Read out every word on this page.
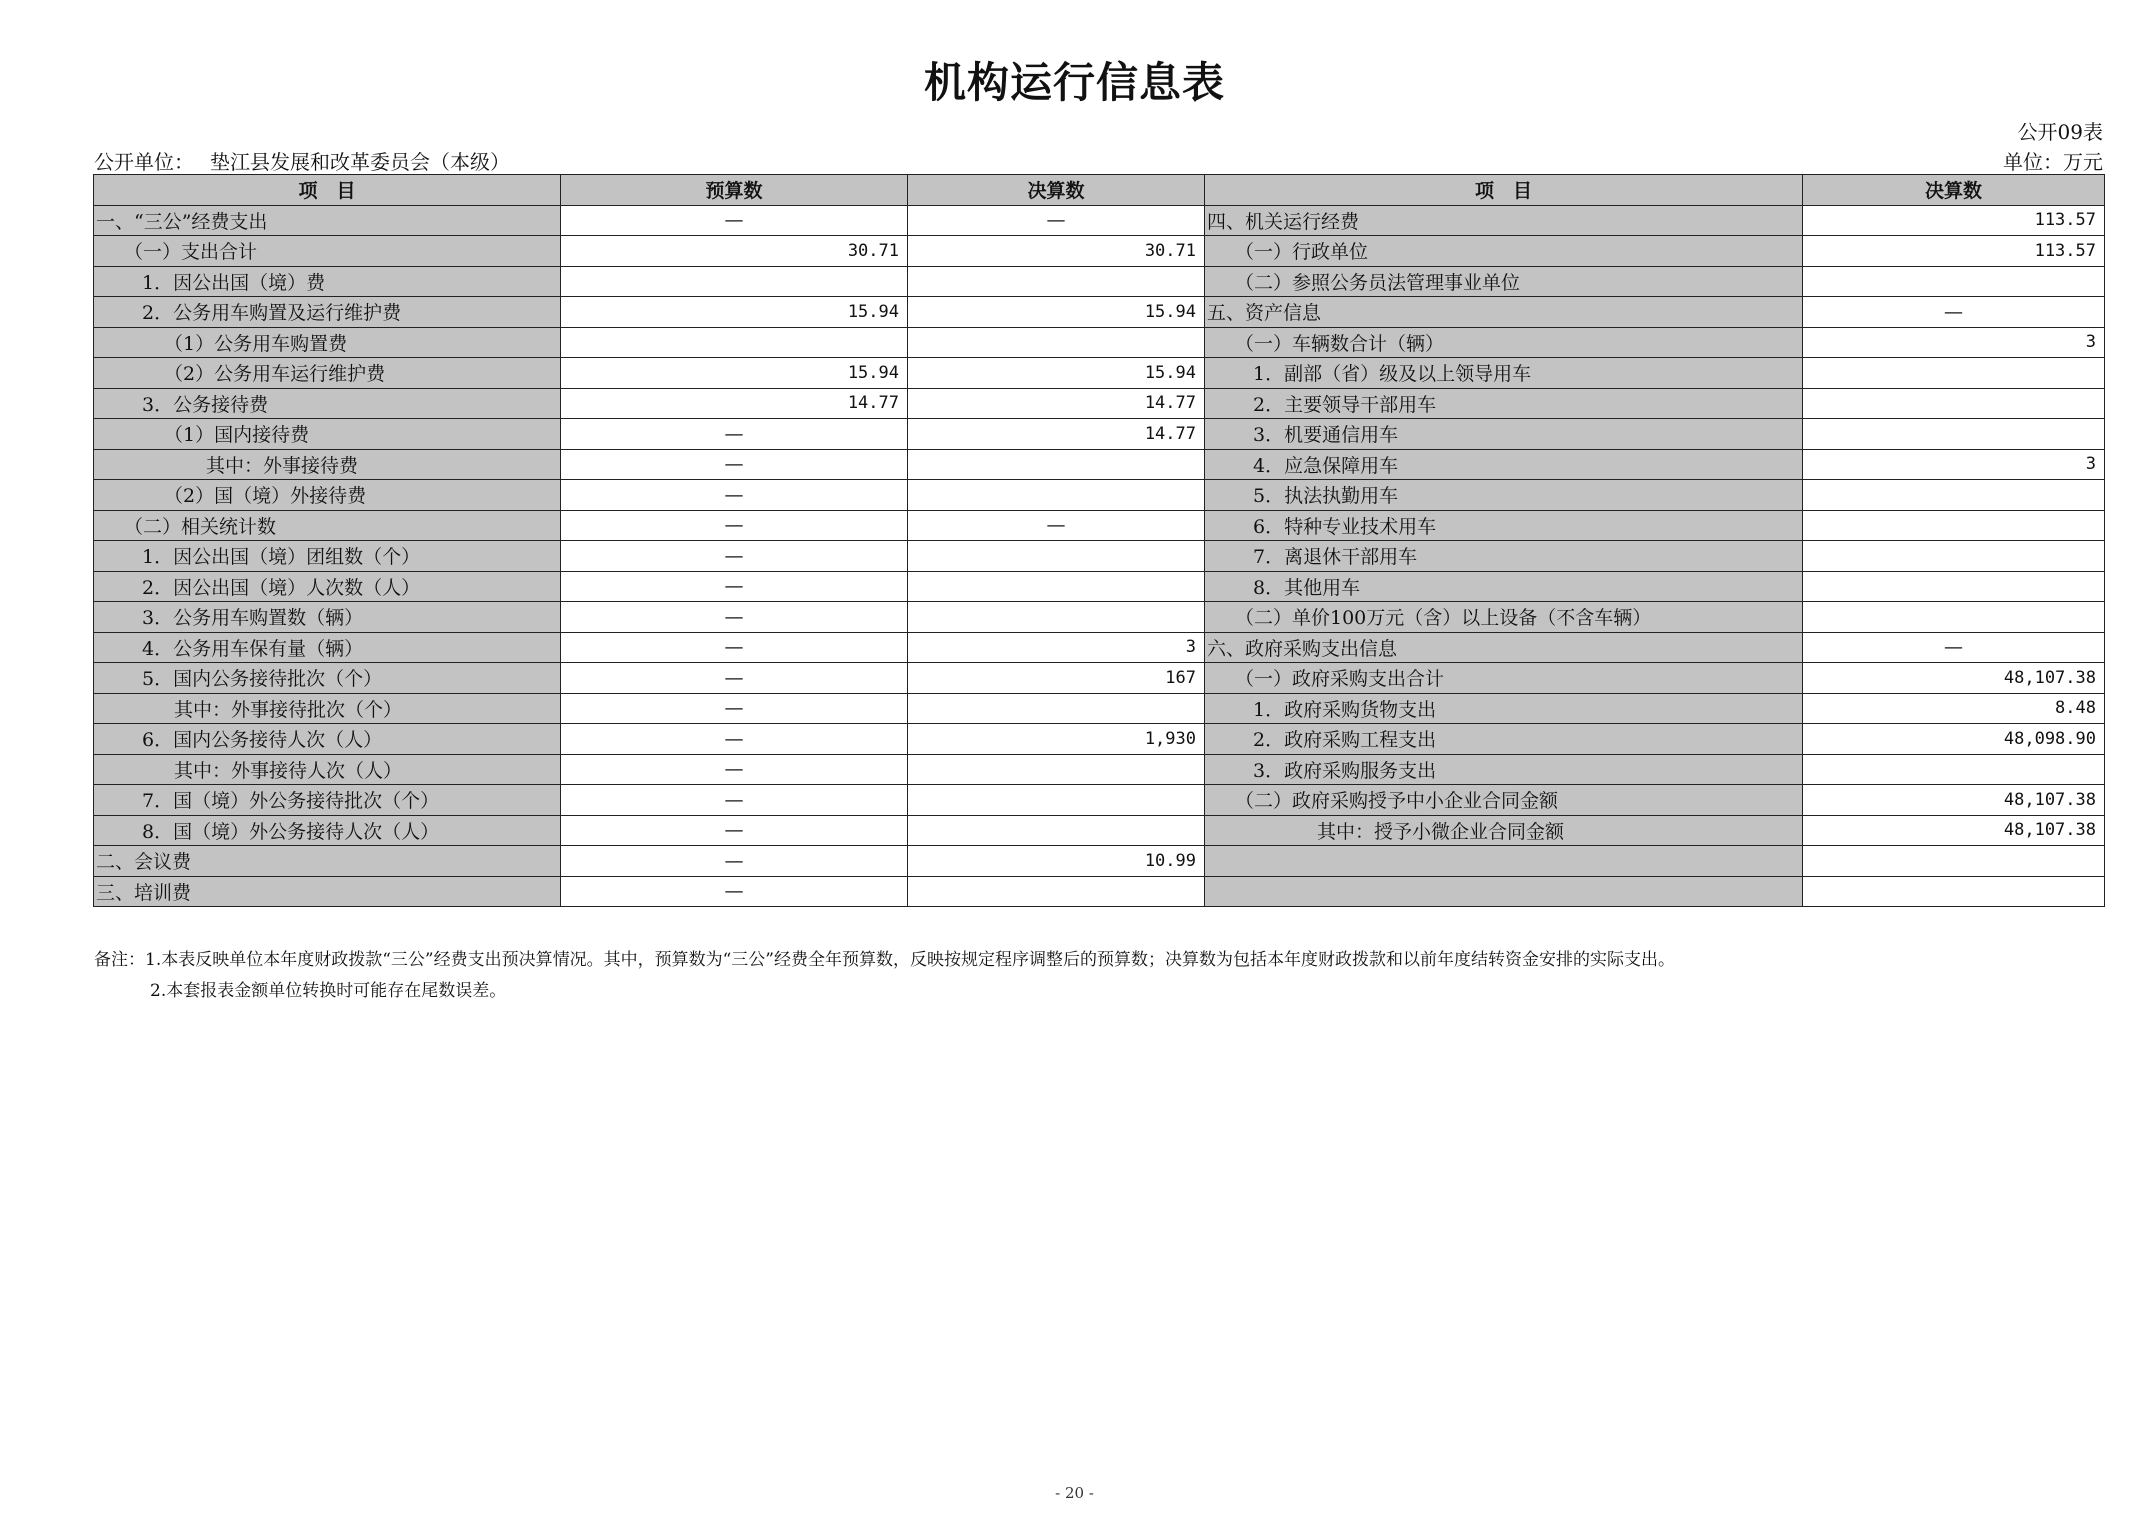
机构运行信息表
公开09表
公开单位： 垫江县发展和改革委员会（本级）	单位：万元
项　目	预算数	决算数	项　目	决算数
一、“三公”经费支出	—	—	四、机关运行经费	113.57
（一）支出合计	30.71	30.71	（一）行政单位	113.57
1．因公出国（境）费			（二）参照公务员法管理事业单位	
2．公务用车购置及运行维护费	15.94	15.94	五、资产信息	—
（1）公务用车购置费			（一）车辆数合计（辆）	3
（2）公务用车运行维护费	15.94	15.94	1．副部（省）级及以上领导用车	
3．公务接待费	14.77	14.77	2．主要领导干部用车	
（1）国内接待费	—	14.77	3．机要通信用车	
其中：外事接待费	—		4．应急保障用车	3
（2）国（境）外接待费	—		5．执法执勤用车	
（二）相关统计数	—	—	6．特种专业技术用车	
1．因公出国（境）团组数（个）	—		7．离退休干部用车	
2．因公出国（境）人次数（人）	—		8．其他用车	
3．公务用车购置数（辆）	—		（二）单价100万元（含）以上设备（不含车辆）	
4．公务用车保有量（辆）	—	3	六、政府采购支出信息	—
5．国内公务接待批次（个）	—	167	（一）政府采购支出合计	48,107.38
其中：外事接待批次（个）	—		1．政府采购货物支出	8.48
6．国内公务接待人次（人）	—	1,930	2．政府采购工程支出	48,098.90
其中：外事接待人次（人）	—		3．政府采购服务支出	
7．国（境）外公务接待批次（个）	—		（二）政府采购授予中小企业合同金额	48,107.38
8．国（境）外公务接待人次（人）	—		其中：授予小微企业合同金额	48,107.38
二、会议费	—	10.99		
三、培训费	—			
备注：1.本表反映单位本年度财政拨款“三公”经费支出预决算情况。其中，预算数为“三公”经费全年预算数，反映按规定程序调整后的预算数；决算数为包括本年度财政拨款和以前年度结转资金安排的实际支出。
2.本套报表金额单位转换时可能存在尾数误差。
- 20 -
